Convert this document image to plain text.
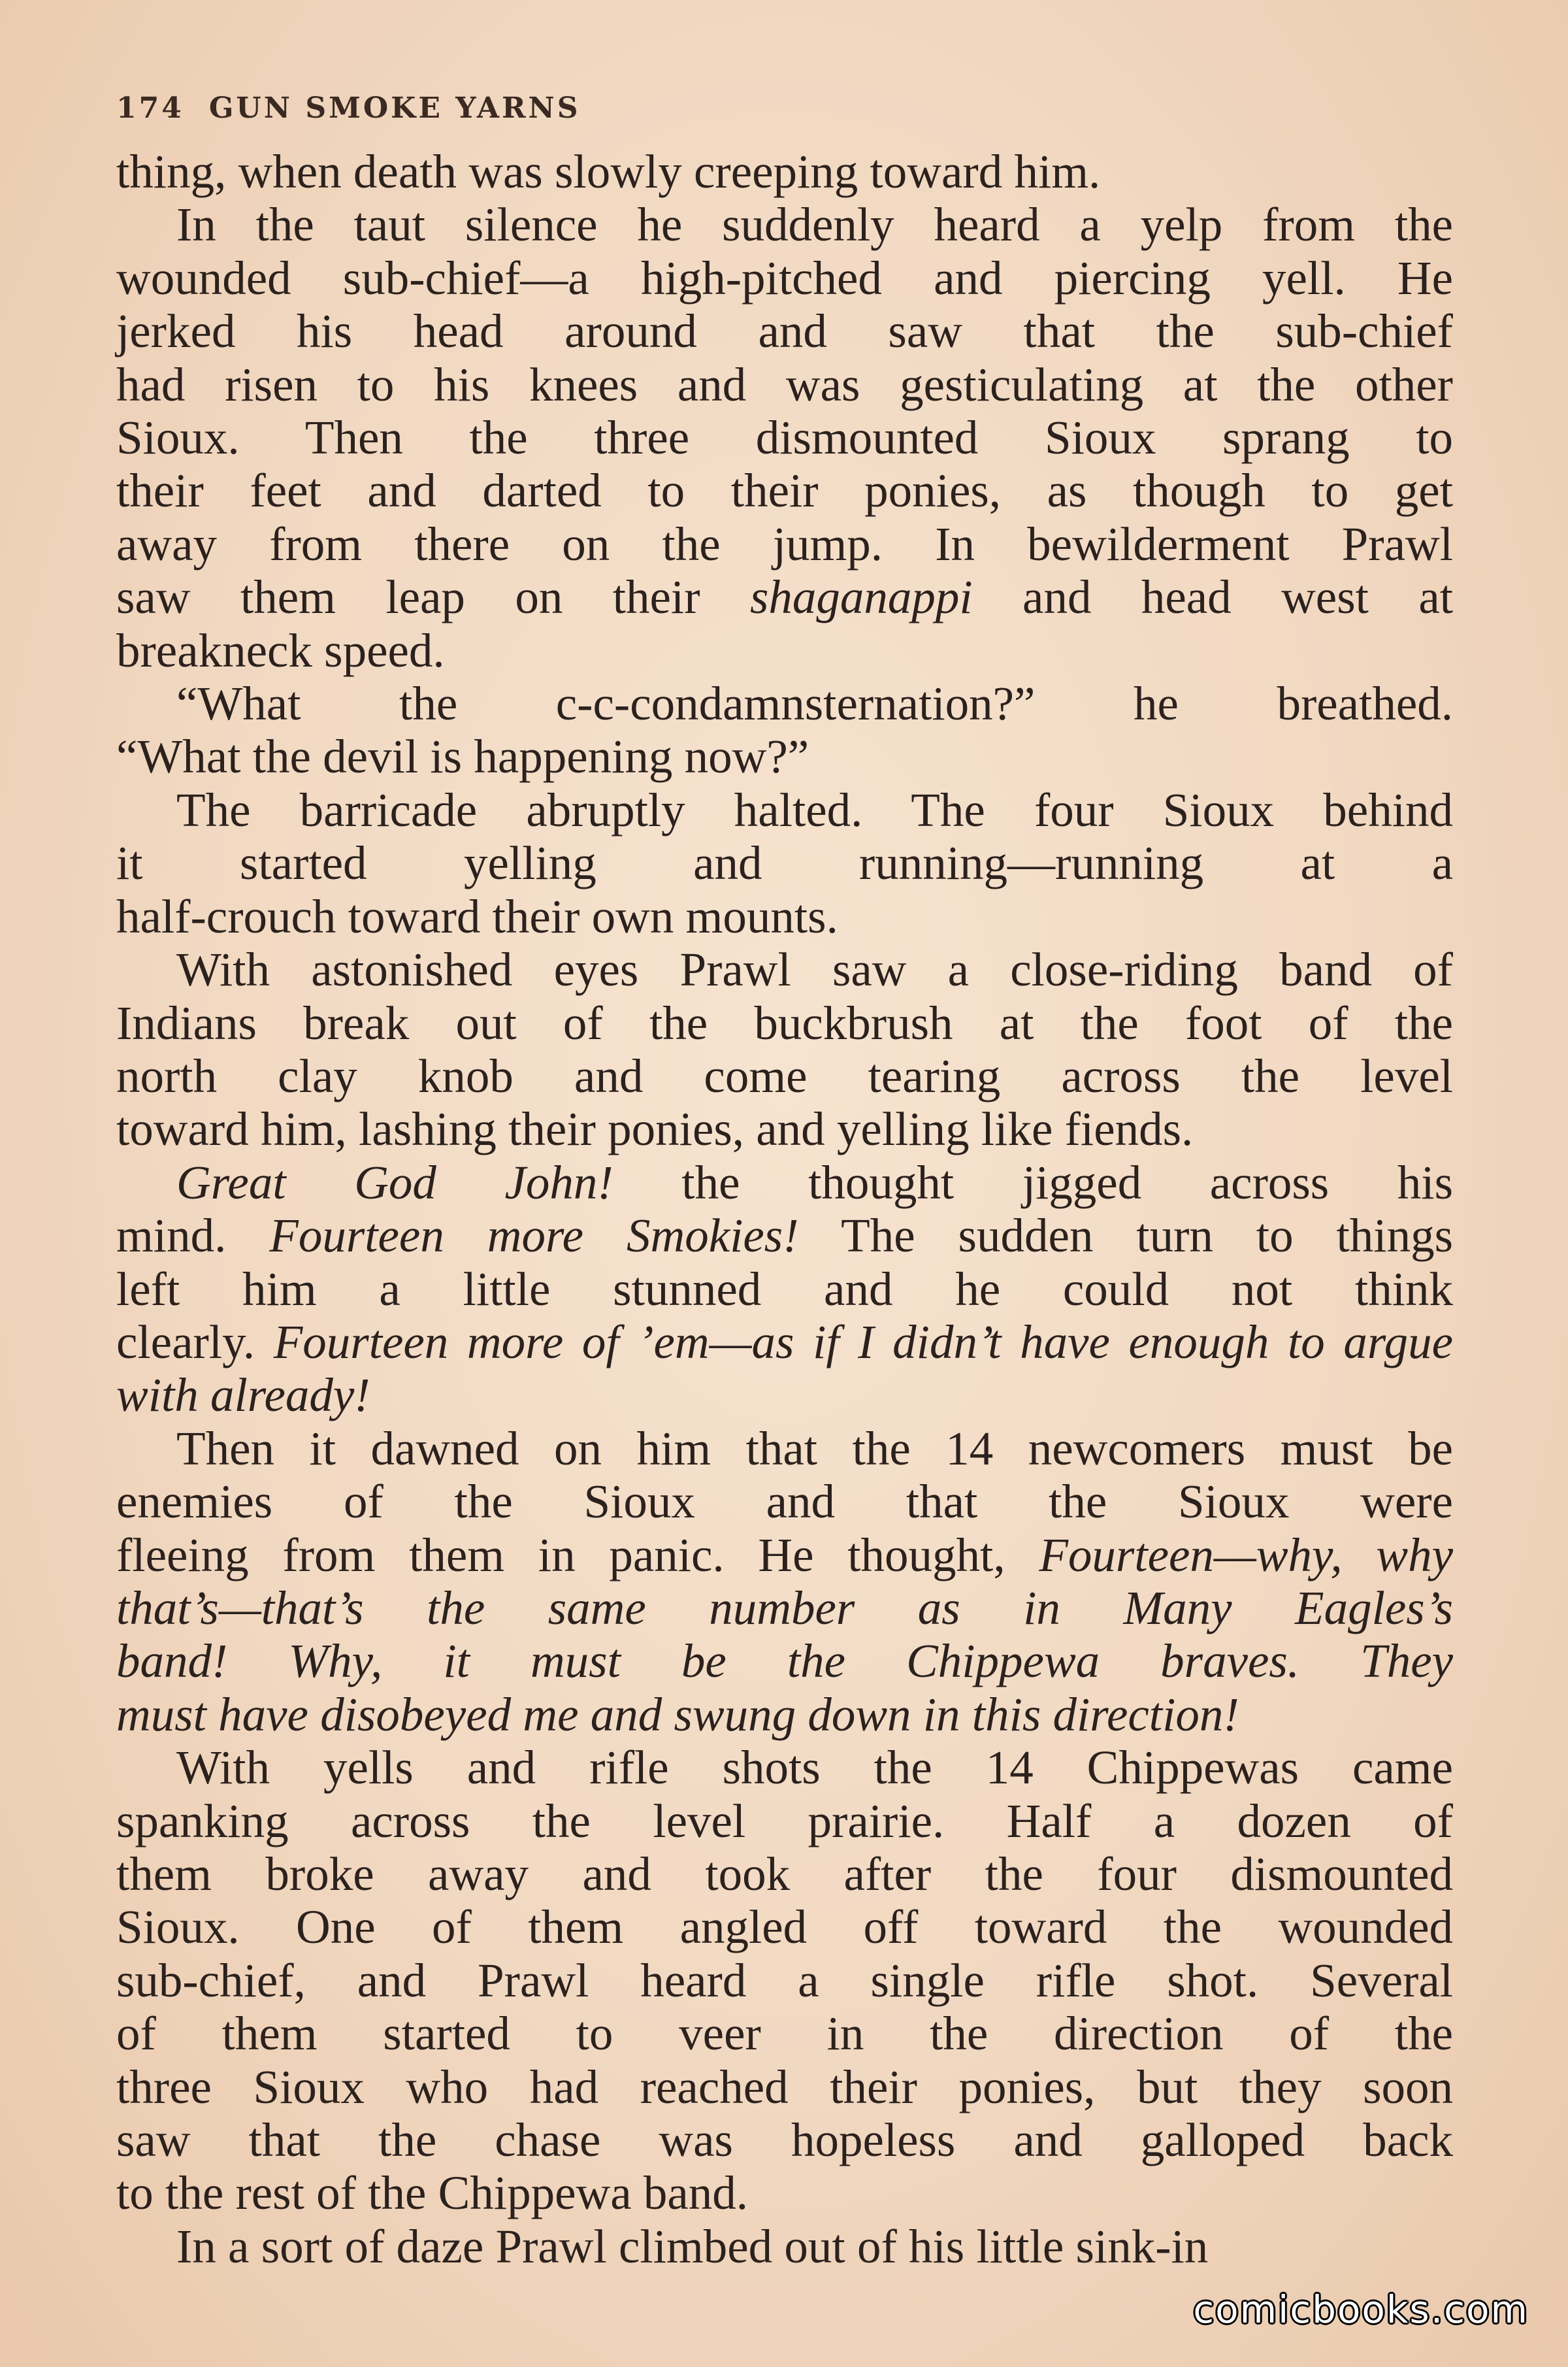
174 GUN SMOKE YARNS

thing, when death was slowly creeping toward him.

In the taut silence he suddenly heard a yelp from the

wounded sub-chief—a high-pitched and piercing yell. He

jerked his head around and saw that the sub-chief

had risen to his knees and was gesticulating at the other

Sioux. Then the three dismounted Sioux sprang to

their feet and darted to their ponies, as though to get

away from there on the jump. In bewilderment Prawl

saw them leap on their shaganappi and head west at

breakneck speed.

“What the c-c-condamnsternation?” he breathed.

“What the devil is happening now?”

The barricade abruptly halted. The four Sioux behind

it started yelling and running—running at a

half-crouch toward their own mounts.

With astonished eyes Prawl saw a close-riding band of

Indians break out of the buckbrush at the foot of the

north clay knob and come tearing across the level

toward him, lashing their ponies, and yelling like fiends.

Great God John! the thought jigged across his

mind. Fourteen more Smokies! The sudden turn to things

left him a little stunned and he could not think

clearly. Fourteen more of ’em—as if I didn’t have enough to argue

with already!

Then it dawned on him that the 14 newcomers must be

enemies of the Sioux and that the Sioux were

fleeing from them in panic. He thought, Fourteen—why, why

that’s—that’s the same number as in Many Eagles’s

band! Why, it must be the Chippewa braves. They

must have disobeyed me and swung down in this direction!

With yells and rifle shots the 14 Chippewas came

spanking across the level prairie. Half a dozen of

them broke away and took after the four dismounted

Sioux. One of them angled off toward the wounded

sub-chief, and Prawl heard a single rifle shot. Several

of them started to veer in the direction of the

three Sioux who had reached their ponies, but they soon

saw that the chase was hopeless and galloped back

to the rest of the Chippewa band.

In a sort of daze Prawl climbed out of his little sink-in

comicbooks.com
